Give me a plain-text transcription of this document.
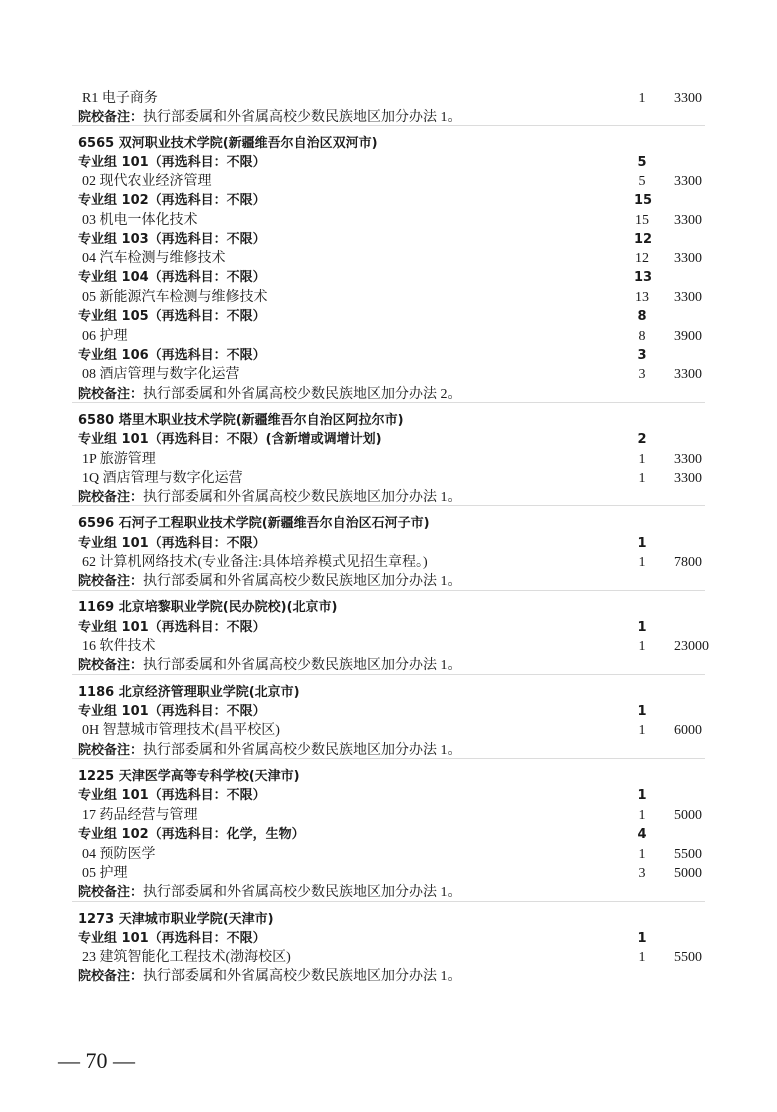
R1 电子商务	1	3300
院校备注：执行部委属和外省属高校少数民族地区加分办法 1。
6565 双河职业技术学院(新疆维吾尔自治区双河市)
专业组 101（再选科目：不限）	5
02 现代农业经济管理	5	3300
专业组 102（再选科目：不限）	15
03 机电一体化技术	15 3300
专业组 103（再选科目：不限）	12
04 汽车检测与维修技术	12 3300
专业组 104（再选科目：不限）	13
05 新能源汽车检测与维修技术	13 3300
专业组 105（再选科目：不限）	8
06 护理	8	3900
专业组 106（再选科目：不限）	3
08 酒店管理与数字化运营	3	3300
院校备注：执行部委属和外省属高校少数民族地区加分办法 2。
6580 塔里木职业技术学院(新疆维吾尔自治区阿拉尔市)
专业组 101（再选科目：不限）(含新增或调增计划)	2
1P 旅游管理	1	3300
1Q 酒店管理与数字化运营	1	3300
院校备注：执行部委属和外省属高校少数民族地区加分办法 1。
6596 石河子工程职业技术学院(新疆维吾尔自治区石河子市)
专业组 101（再选科目：不限）	1
62 计算机网络技术(专业备注:具体培养模式见招生章程。)	1	7800
院校备注：执行部委属和外省属高校少数民族地区加分办法 1。
1169 北京培黎职业学院(民办院校)(北京市)
专业组 101（再选科目：不限）	1
16 软件技术	1	23000
院校备注：执行部委属和外省属高校少数民族地区加分办法 1。
1186 北京经济管理职业学院(北京市)
专业组 101（再选科目：不限）	1
0H 智慧城市管理技术(昌平校区)	1	6000
院校备注：执行部委属和外省属高校少数民族地区加分办法 1。
1225 天津医学高等专科学校(天津市)
专业组 101（再选科目：不限）	1
17 药品经营与管理	1	5000
专业组 102（再选科目：化学，生物）	4
04 预防医学	1	5500
05 护理	3	5000
院校备注：执行部委属和外省属高校少数民族地区加分办法 1。
1273 天津城市职业学院(天津市)
专业组 101（再选科目：不限）	1
23 建筑智能化工程技术(渤海校区)	1	5500
院校备注：执行部委属和外省属高校少数民族地区加分办法 1。
— 70 —
